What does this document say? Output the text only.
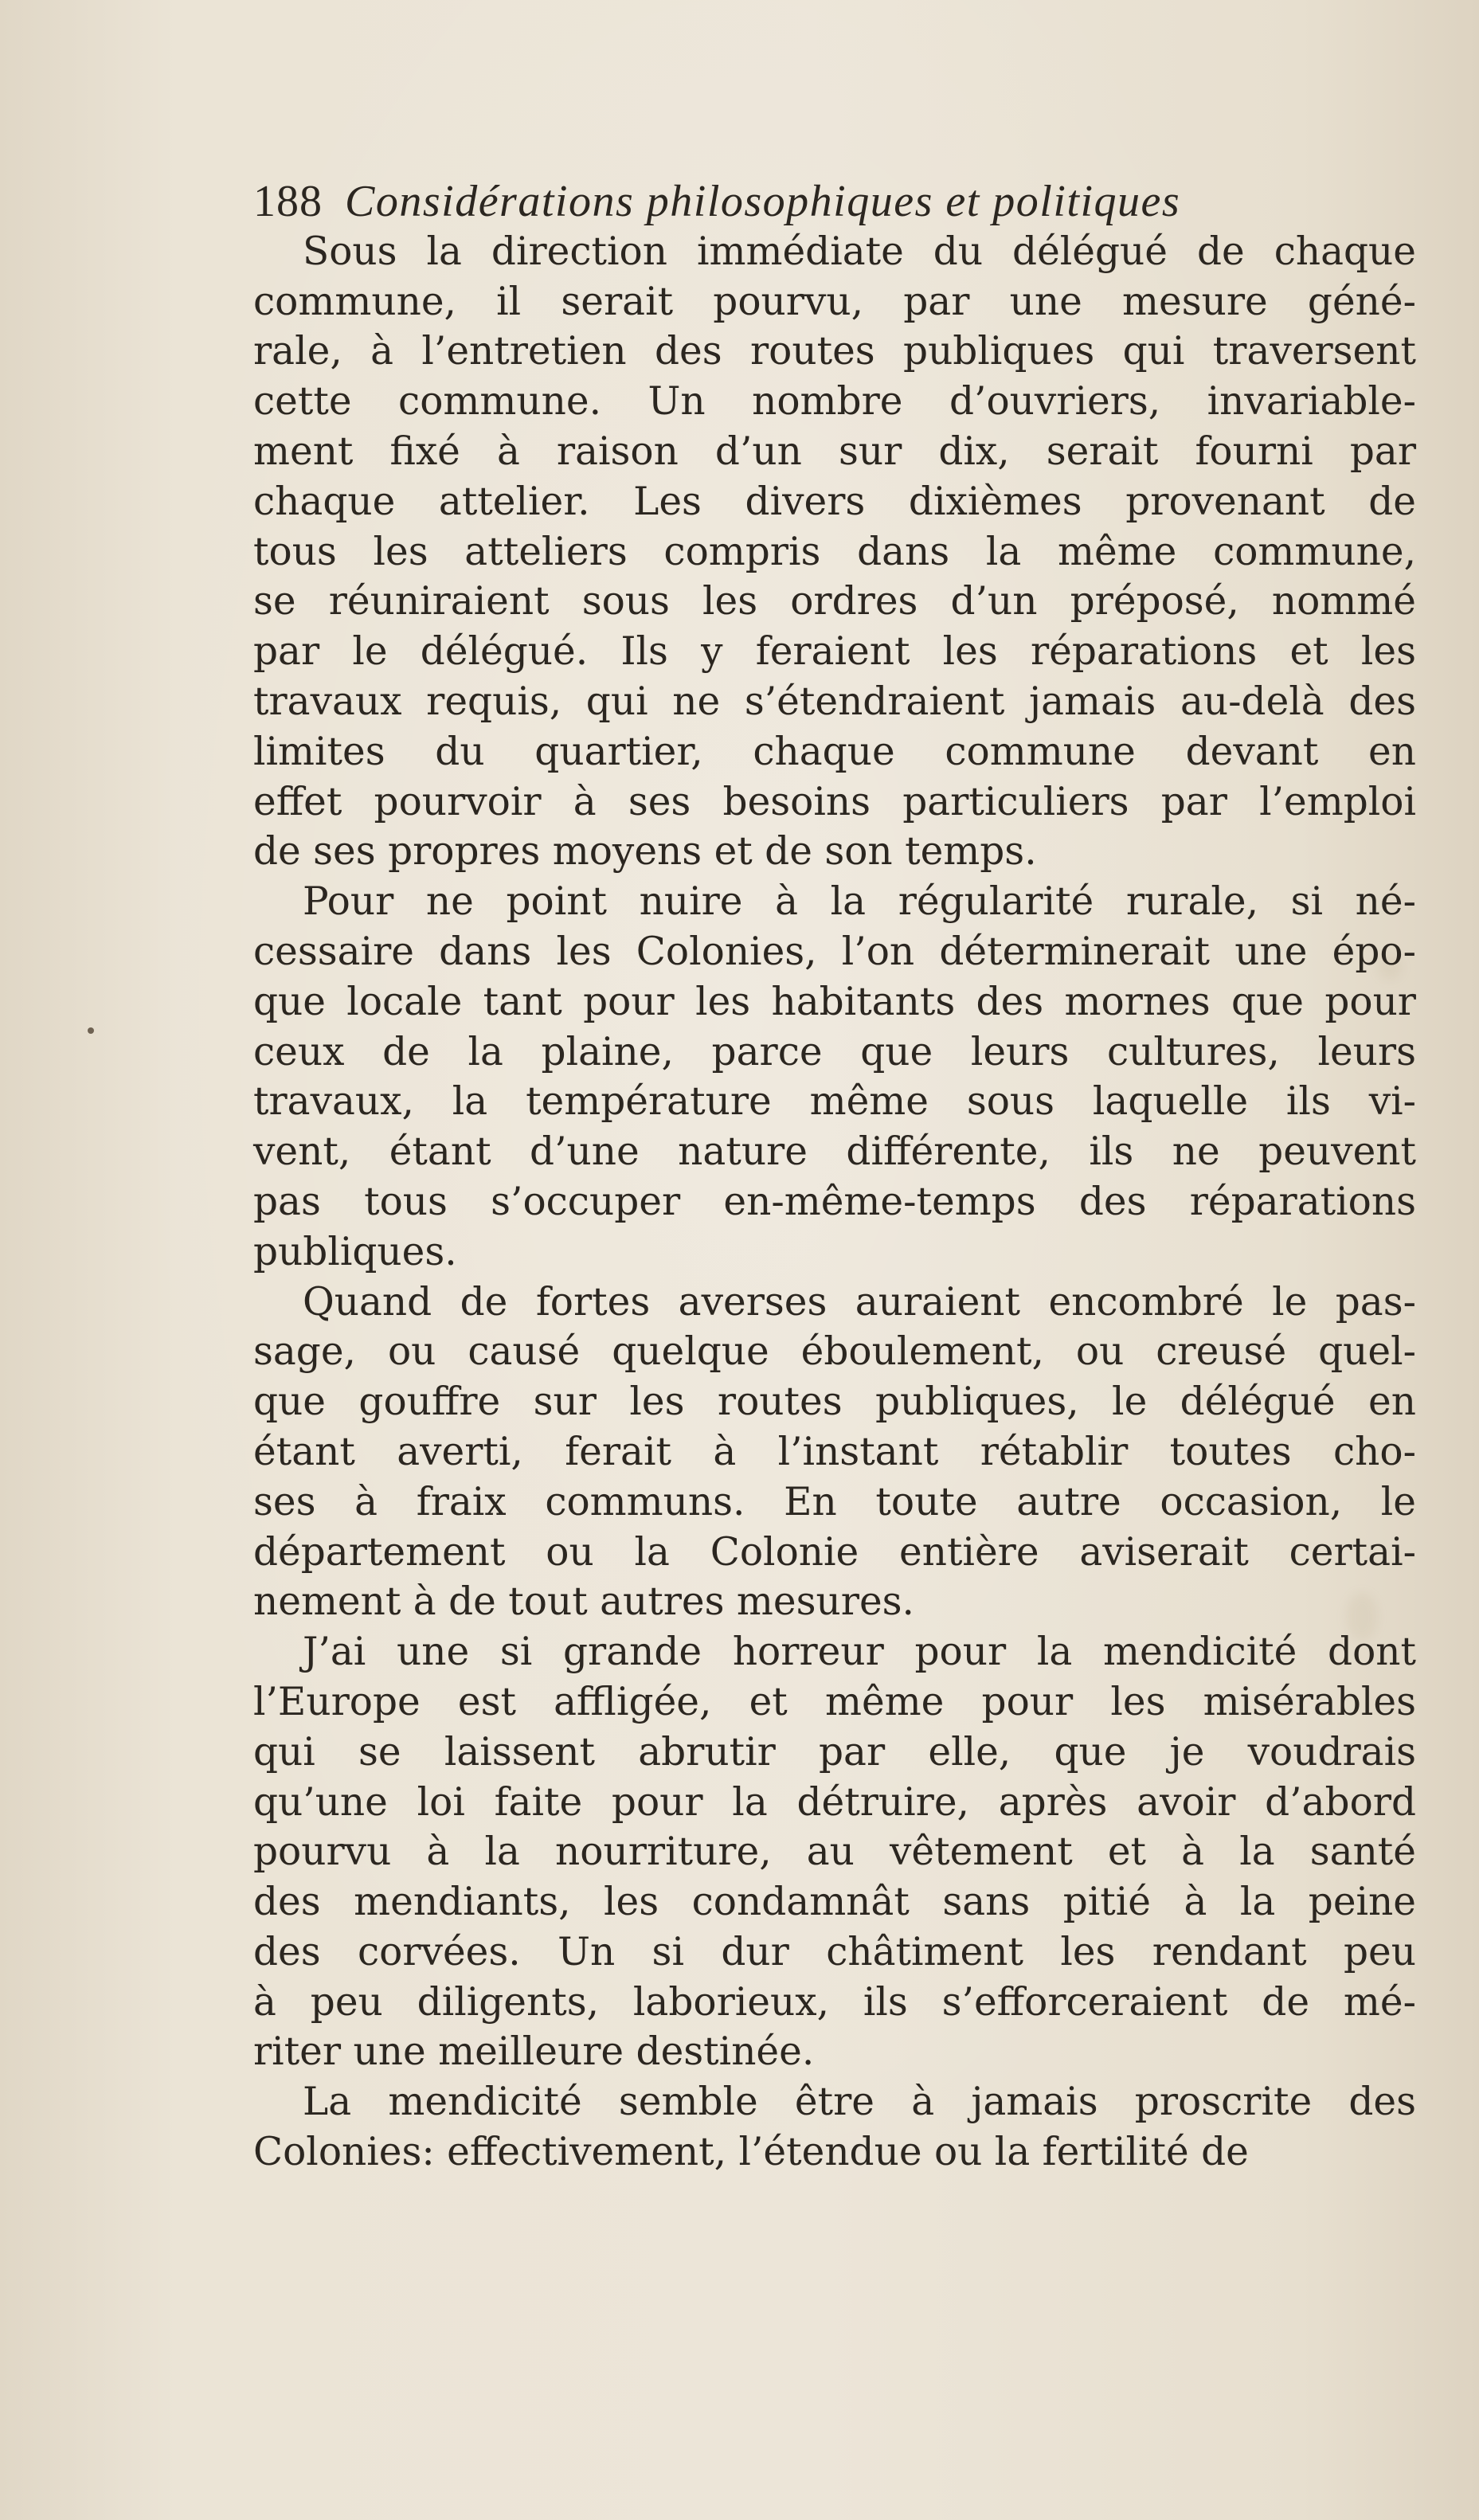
188 Considérations philosophiques et politiques
Sous la direction immédiate du délégué de chaque
commune, il serait pourvu, par une mesure géné-
rale, à l’entretien des routes publiques qui traversent
cette commune. Un nombre d’ouvriers, invariable-
ment fixé à raison d’un sur dix, serait fourni par
chaque attelier. Les divers dixièmes provenant de
tous les atteliers compris dans la même commune,
se réuniraient sous les ordres d’un préposé, nommé
par le délégué. Ils y feraient les réparations et les
travaux requis, qui ne s’étendraient jamais au-delà des
limites du quartier, chaque commune devant en
effet pourvoir à ses besoins particuliers par l’emploi
de ses propres moyens et de son temps.
Pour ne point nuire à la régularité rurale, si né-
cessaire dans les Colonies, l’on déterminerait une épo-
que locale tant pour les habitants des mornes que pour
ceux de la plaine, parce que leurs cultures, leurs
travaux, la température même sous laquelle ils vi-
vent, étant d’une nature différente, ils ne peuvent
pas tous s’occuper en-même-temps des réparations
publiques.
Quand de fortes averses auraient encombré le pas-
sage, ou causé quelque éboulement, ou creusé quel-
que gouffre sur les routes publiques, le délégué en
étant averti, ferait à l’instant rétablir toutes cho-
ses à fraix communs. En toute autre occasion, le
département ou la Colonie entière aviserait certai-
nement à de tout autres mesures.
J’ai une si grande horreur pour la mendicité dont
l’Europe est affligée, et même pour les misérables
qui se laissent abrutir par elle, que je voudrais
qu’une loi faite pour la détruire, après avoir d’abord
pourvu à la nourriture, au vêtement et à la santé
des mendiants, les condamnât sans pitié à la peine
des corvées. Un si dur châtiment les rendant peu
à peu diligents, laborieux, ils s’efforceraient de mé-
riter une meilleure destinée.
La mendicité semble être à jamais proscrite des
Colonies: effectivement, l’étendue ou la fertilité de
